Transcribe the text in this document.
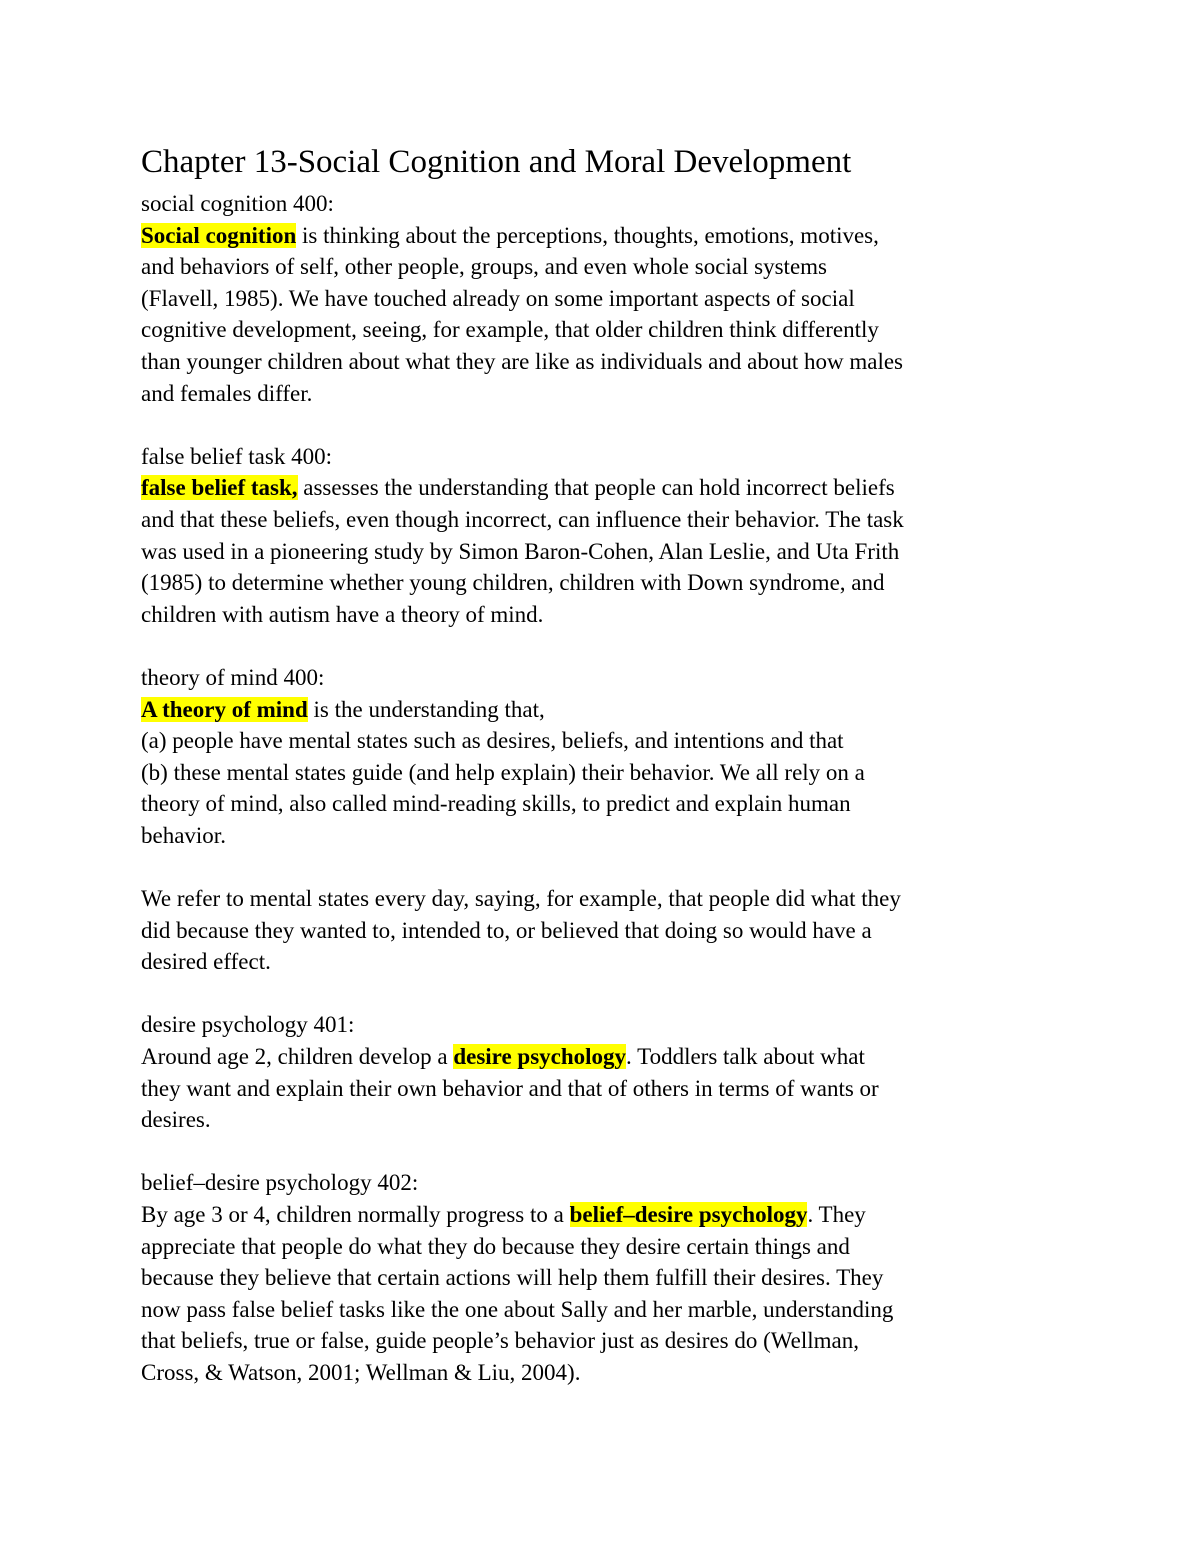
Chapter 13-Social Cognition and Moral Development

social cognition 400:

Social cognition is thinking about the perceptions, thoughts, emotions, motives,

and behaviors of self, other people, groups, and even whole social systems

(Flavell, 1985). We have touched already on some important aspects of social

cognitive development, seeing, for example, that older children think differently

than younger children about what they are like as individuals and about how males

and females differ.

false belief task 400:

false belief task, assesses the understanding that people can hold incorrect beliefs

and that these beliefs, even though incorrect, can influence their behavior. The task

was used in a pioneering study by Simon Baron-Cohen, Alan Leslie, and Uta Frith

(1985) to determine whether young children, children with Down syndrome, and

children with autism have a theory of mind.

theory of mind 400:

A theory of mind is the understanding that,

(a) people have mental states such as desires, beliefs, and intentions and that

(b) these mental states guide (and help explain) their behavior. We all rely on a

theory of mind, also called mind-reading skills, to predict and explain human

behavior.

We refer to mental states every day, saying, for example, that people did what they

did because they wanted to, intended to, or believed that doing so would have a

desired effect.

desire psychology 401:

Around age 2, children develop a desire psychology. Toddlers talk about what

they want and explain their own behavior and that of others in terms of wants or

desires.

belief–desire psychology 402:

By age 3 or 4, children normally progress to a belief–desire psychology. They

appreciate that people do what they do because they desire certain things and

because they believe that certain actions will help them fulfill their desires. They

now pass false belief tasks like the one about Sally and her marble, understanding

that beliefs, true or false, guide people’s behavior just as desires do (Wellman,

Cross, & Watson, 2001; Wellman & Liu, 2004).
